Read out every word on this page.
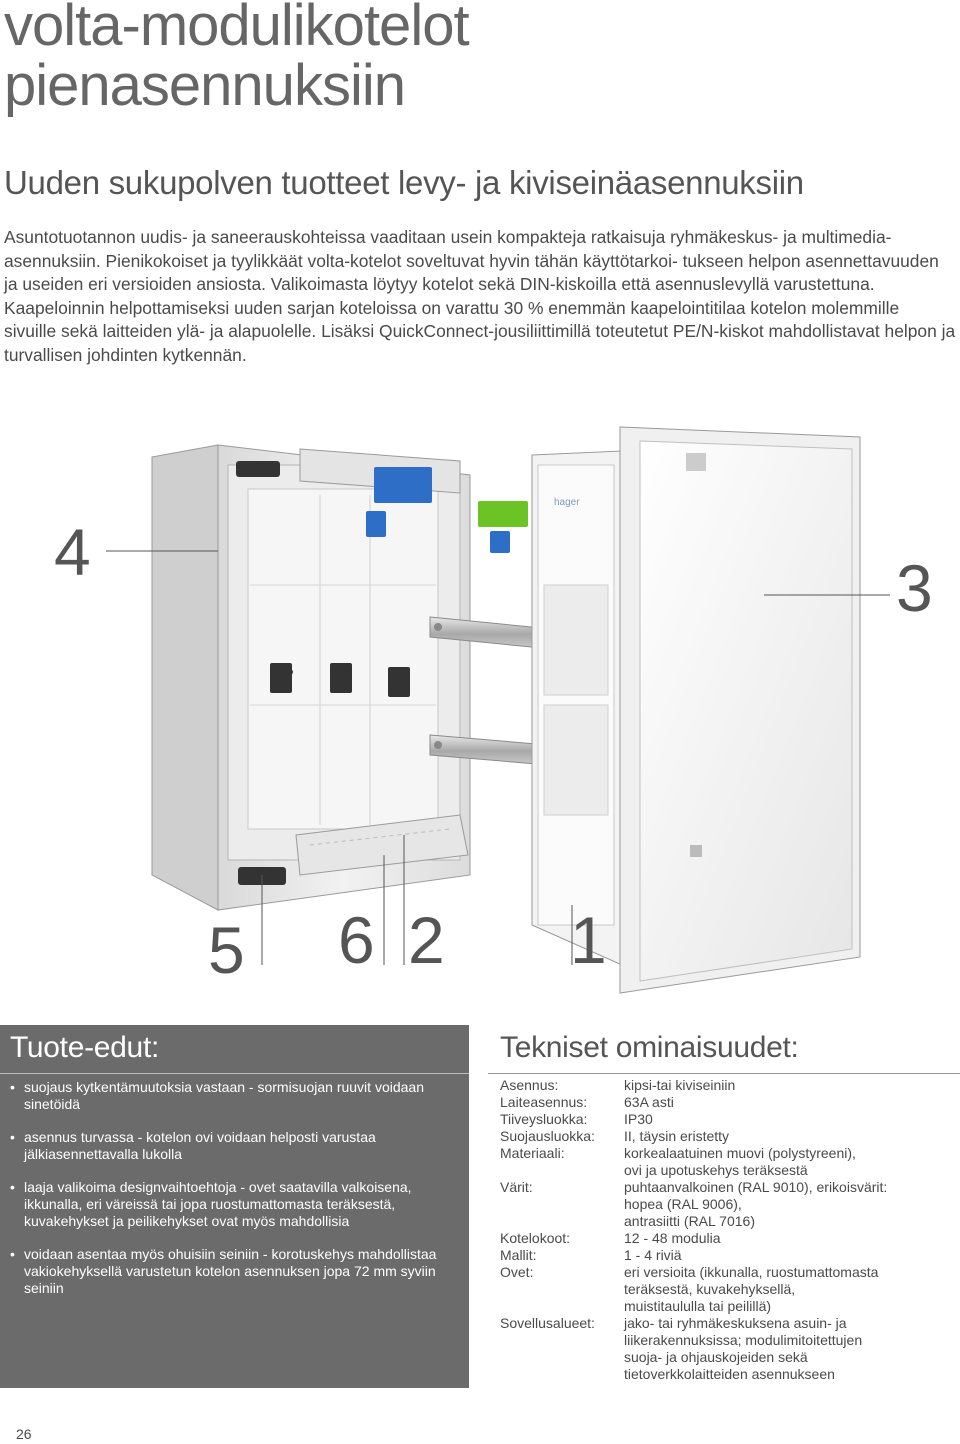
volta-modulikotelot pienasennuksiin
Uuden sukupolven tuotteet levy- ja kiviseinäasennuksiin

Asuntotuotannon uudis- ja saneerauskohteissa vaaditaan usein kompakteja ratkaisuja ryhmäkeskus- ja multimedia-asennuksiin. Pienikokoiset ja tyylikkäät volta-kotelot soveltuvat hyvin tähän käyttötarkoi- tukseen helpon asennettavuuden ja useiden eri versioiden ansiosta. Valikoimasta löytyy kotelot sekä DIN-kiskoilla että asennuslevyllä varustettuna. Kaapeloinnin helpottamiseksi uuden sarjan koteloissa on varattu 30 % enemmän kaapelointitilaa kotelon molemmille sivuille sekä laitteiden ylä- ja alapuolelle. Lisäksi QuickConnect-jousiliittimillä toteutetut PE/N-kiskot mahdollistavat helpon ja turvallisen johdinten kytkennän.

hager
4	3
5 6 2 1
Tuote-edut:
• suojaus kytkentämuutoksia vastaan - sormisuojan ruuvit voidaan sinetöidä
• asennus turvassa - kotelon ovi voidaan helposti varustaa jälkiasennettavalla lukolla
• laaja valikoima designvaihtoehtoja - ovet saatavilla valkoisena, ikkunalla, eri väreissä tai jopa ruostumattomasta teräksestä, kuvakehykset ja peilikehykset ovat myös mahdollisia
• voidaan asentaa myös ohuisiin seiniin - korotuskehys mahdollistaa vakiokehyksellä varustetun kotelon asennuksen jopa 72 mm syviin seiniin
Tekniset ominaisuudet:
Asennus:	kipsi-tai kiviseiniin
Laiteasennus:	63A asti
Tiiveysluokka:	IP30
Suojausluokka:	II, täysin eristetty
Materiaali:	korkealaatuinen muovi (polystyreeni),
ovi ja upotuskehys teräksestä
Värit:	puhtaanvalkoinen (RAL 9010), erikoisvärit:
hopea (RAL 9006),
antrasiitti (RAL 7016)
Kotelokoot:	12 - 48 modulia
Mallit:	1 - 4 riviä
Ovet:	eri versioita (ikkunalla, ruostumattomasta
teräksestä, kuvakehyksellä,
muistitaululla tai peilillä)
Sovellusalueet:	jako- tai ryhmäkeskuksena asuin- ja
liikerakennuksissa; modulimitoitettujen
suoja- ja ohjauskojeiden sekä
tietoverkkolaitteiden asennukseen
26
